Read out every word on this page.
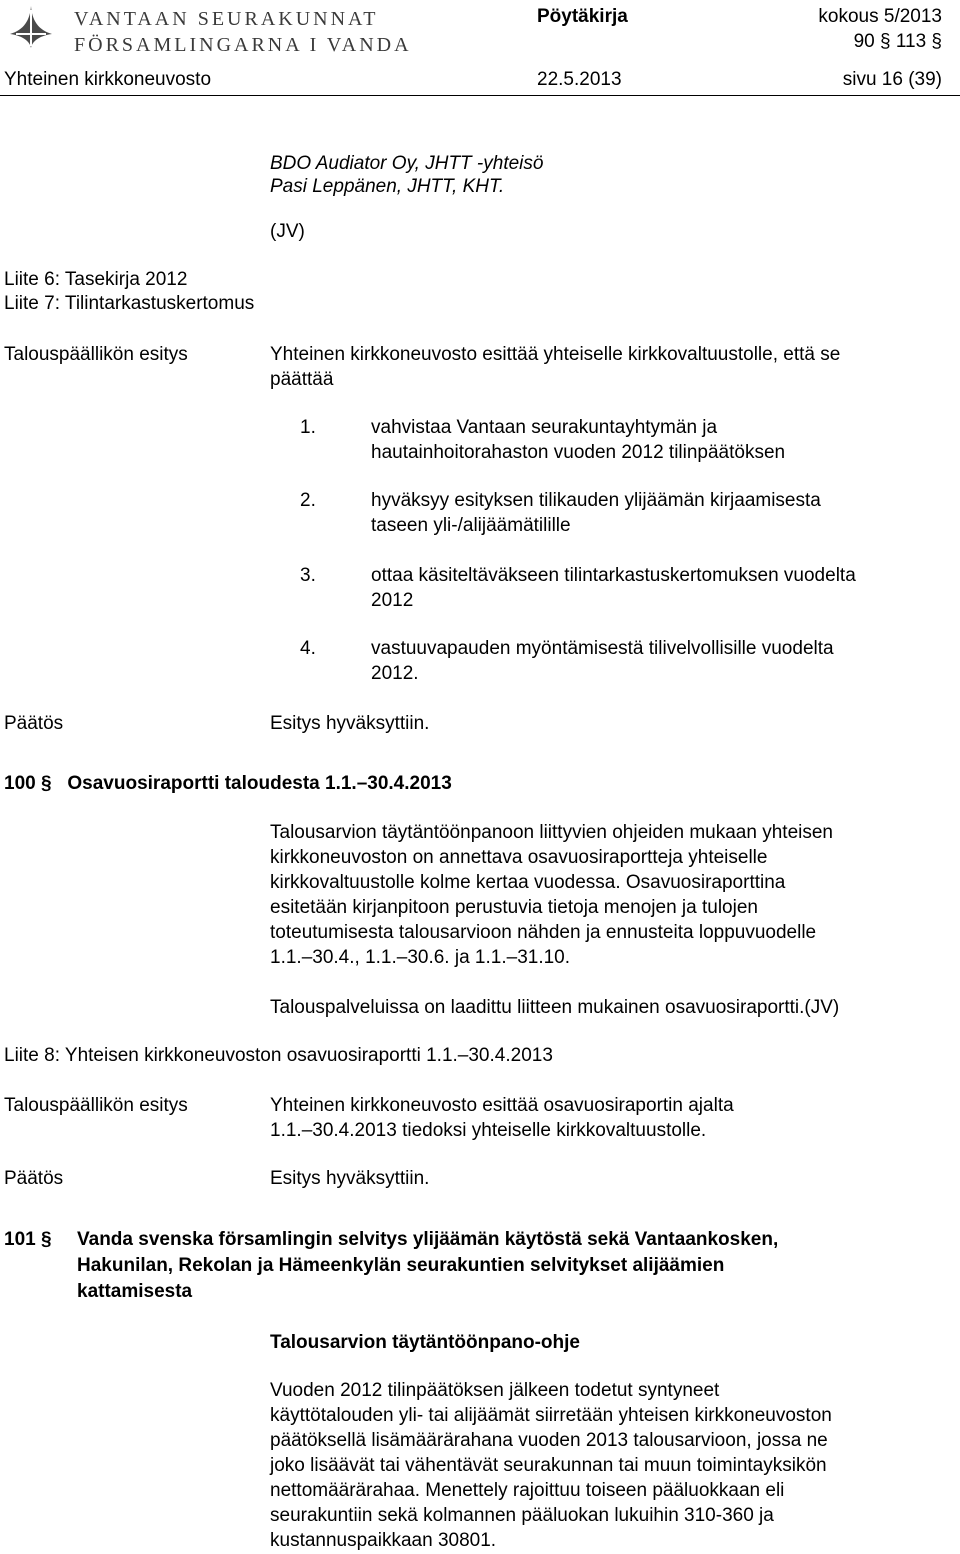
VANTAAN SEURAKUNNAT
FÖRSAMLINGARNA I VANDA
Pöytäkirja	kokous 5/2013
90 § 113 §
Yhteinen kirkkoneuvosto	22.5.2013	sivu 16 (39)
BDO Audiator Oy, JHTT -yhteisö
Pasi Leppänen, JHTT, KHT.
(JV)
Liite 6: Tasekirja 2012
Liite 7: Tilintarkastuskertomus
Talouspäällikön esitys	Yhteinen kirkkoneuvosto esittää yhteiselle kirkkovaltuustolle, että se
päättää
1.	vahvistaa Vantaan seurakuntayhtymän ja
hautainhoitorahaston vuoden 2012 tilinpäätöksen
2.	hyväksyy esityksen tilikauden ylijäämän kirjaamisesta
taseen yli-/alijäämätilille
3.	ottaa käsiteltäväkseen tilintarkastuskertomuksen vuodelta
2012
4.	vastuuvapauden myöntämisestä tilivelvollisille vuodelta
2012.
Päätös	Esitys hyväksyttiin.
100 §   Osavuosiraportti taloudesta 1.1.–30.4.2013
Talousarvion täytäntöönpanoon liittyvien ohjeiden mukaan yhteisen
kirkkoneuvoston on annettava osavuosiraportteja yhteiselle
kirkkovaltuustolle kolme kertaa vuodessa. Osavuosiraporttina
esitetään kirjanpitoon perustuvia tietoja menojen ja tulojen
toteutumisesta talousarvioon nähden ja ennusteita loppuvuodelle
1.1.–30.4., 1.1.–30.6. ja 1.1.–31.10.
Talouspalveluissa on laadittu liitteen mukainen osavuosiraportti.(JV)
Liite 8: Yhteisen kirkkoneuvoston osavuosiraportti 1.1.–30.4.2013
Talouspäällikön esitys	Yhteinen kirkkoneuvosto esittää osavuosiraportin ajalta
1.1.–30.4.2013 tiedoksi yhteiselle kirkkovaltuustolle.
Päätös	Esitys hyväksyttiin.
101 § Vanda svenska församlingin selvitys ylijäämän käytöstä sekä Vantaankosken,
Hakunilan, Rekolan ja Hämeenkylän seurakuntien selvitykset alijäämien
kattamisesta
Talousarvion täytäntöönpano-ohje
Vuoden 2012 tilinpäätöksen jälkeen todetut syntyneet
käyttötalouden yli- tai alijäämät siirretään yhteisen kirkkoneuvoston
päätöksellä lisämäärärahana vuoden 2013 talousarvioon, jossa ne
joko lisäävät tai vähentävät seurakunnan tai muun toimintayksikön
nettomäärärahaa. Menettely rajoittuu toiseen pääluokkaan eli
seurakuntiin sekä kolmannen pääluokan lukuihin 310-360 ja
kustannuspaikkaan 30801.
